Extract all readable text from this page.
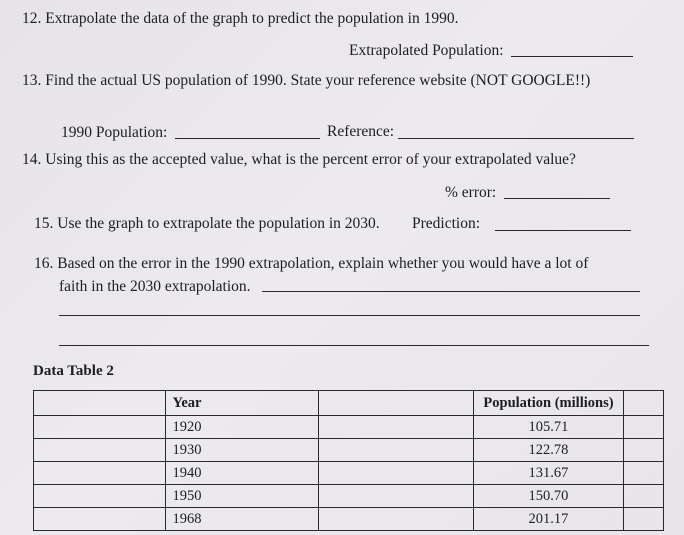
12. Extrapolate the data of the graph to predict the population in 1990.
Extrapolated Population:
13. Find the actual US population of 1990. State your reference website (NOT GOOGLE!!)
1990 Population:	Reference:
14. Using this as the accepted value, what is the percent error of your extrapolated value?
% error:
15. Use the graph to extrapolate the population in 2030. Prediction:
16. Based on the error in the 1990 extrapolation, explain whether you would have a lot of
faith in the 2030 extrapolation.
Data Table 2
	Year		Population (millions)	
	1920		105.71	
	1930		122.78	
	1940		131.67	
	1950		150.70	
	1968		201.17	
